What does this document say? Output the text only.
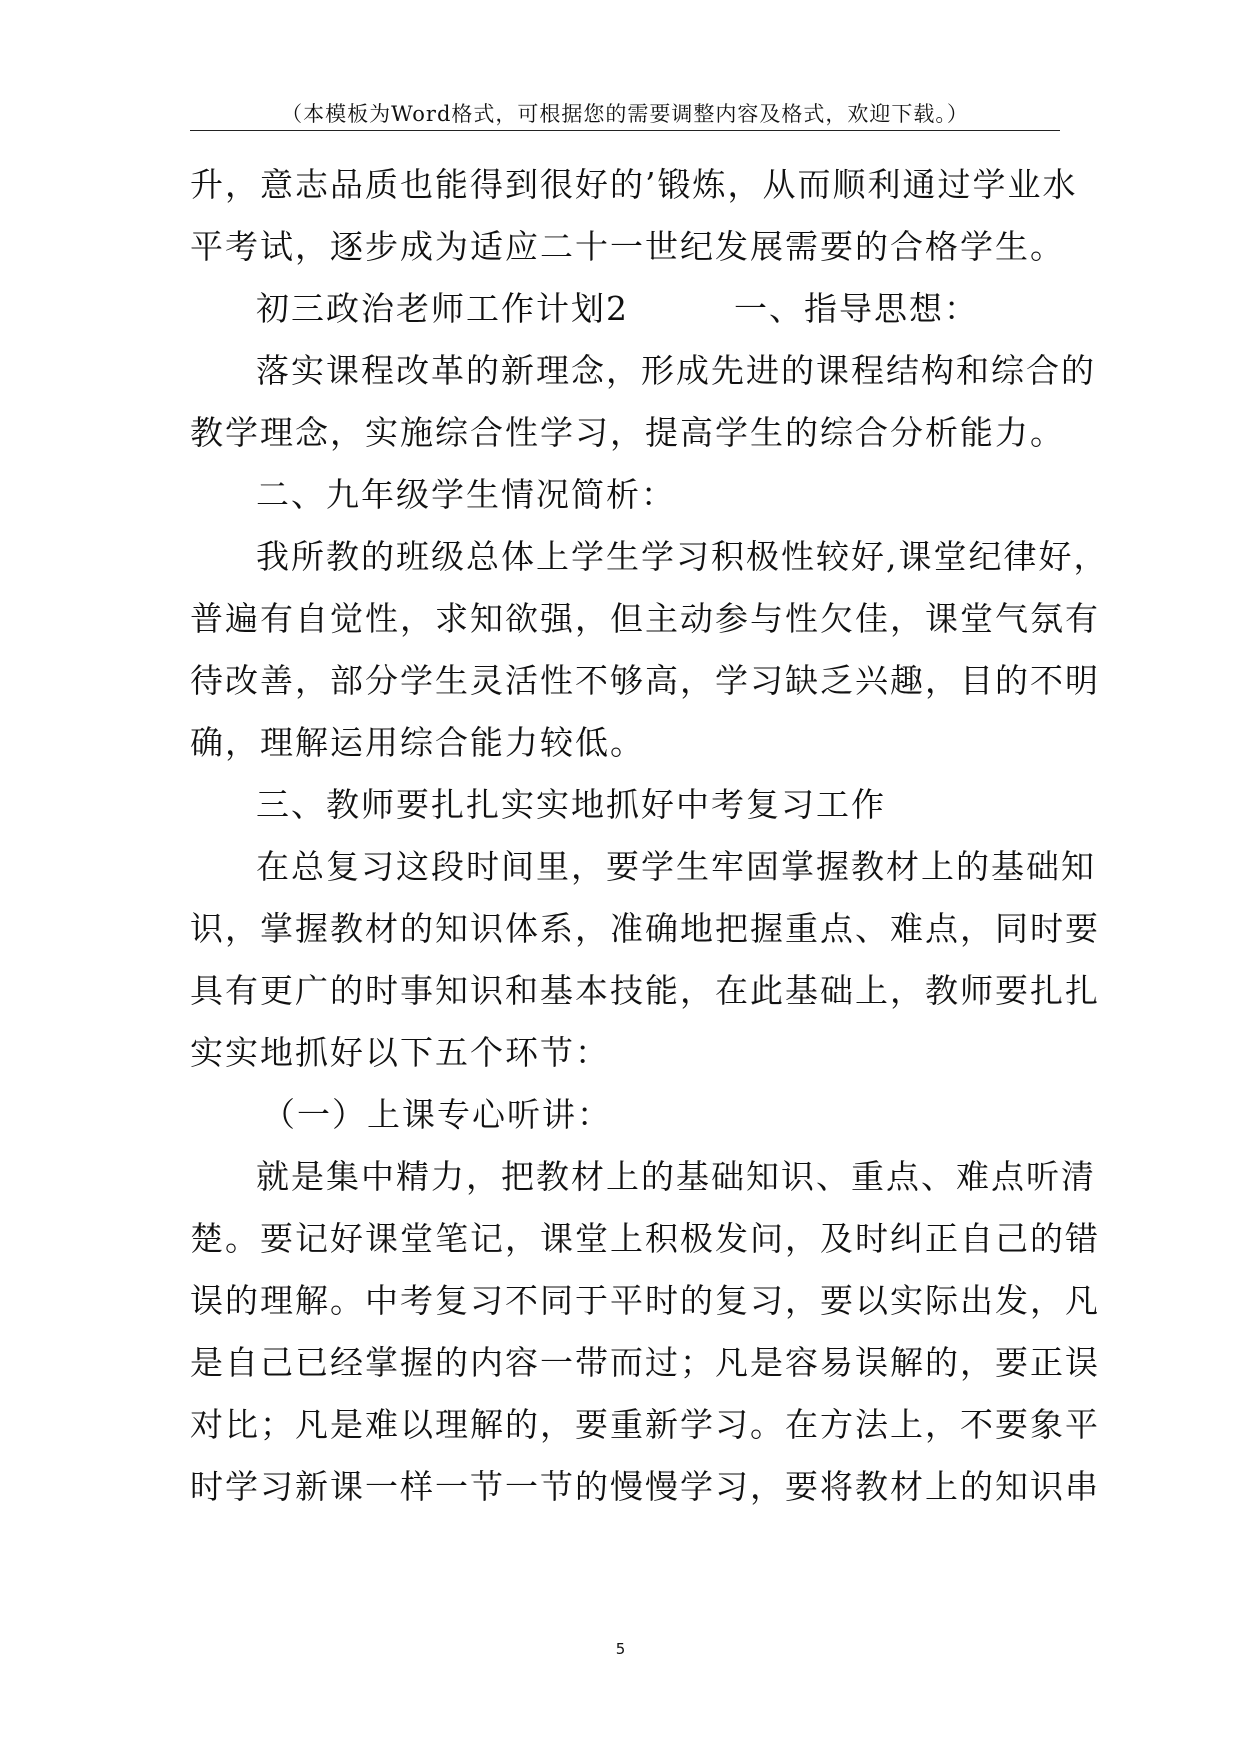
（本模板为Word格式，可根据您的需要调整内容及格式，欢迎下载。）
升，意志品质也能得到很好的’锻炼，从而顺利通过学业水
平考试，逐步成为适应二十一世纪发展需要的合格学生。
初三政治老师工作计划2　　　一、指导思想：
落实课程改革的新理念，形成先进的课程结构和综合的
教学理念，实施综合性学习，提高学生的综合分析能力。
二、九年级学生情况简析：
我所教的班级总体上学生学习积极性较好,课堂纪律好，
普遍有自觉性，求知欲强，但主动参与性欠佳，课堂气氛有
待改善，部分学生灵活性不够高，学习缺乏兴趣，目的不明
确，理解运用综合能力较低。
三、教师要扎扎实实地抓好中考复习工作
在总复习这段时间里，要学生牢固掌握教材上的基础知
识，掌握教材的知识体系，准确地把握重点、难点，同时要
具有更广的时事知识和基本技能，在此基础上，教师要扎扎
实实地抓好以下五个环节：
（一）上课专心听讲：
就是集中精力，把教材上的基础知识、重点、难点听清
楚。要记好课堂笔记，课堂上积极发问，及时纠正自己的错
误的理解。中考复习不同于平时的复习，要以实际出发，凡
是自己已经掌握的内容一带而过；凡是容易误解的，要正误
对比；凡是难以理解的，要重新学习。在方法上，不要象平
时学习新课一样一节一节的慢慢学习，要将教材上的知识串
5
